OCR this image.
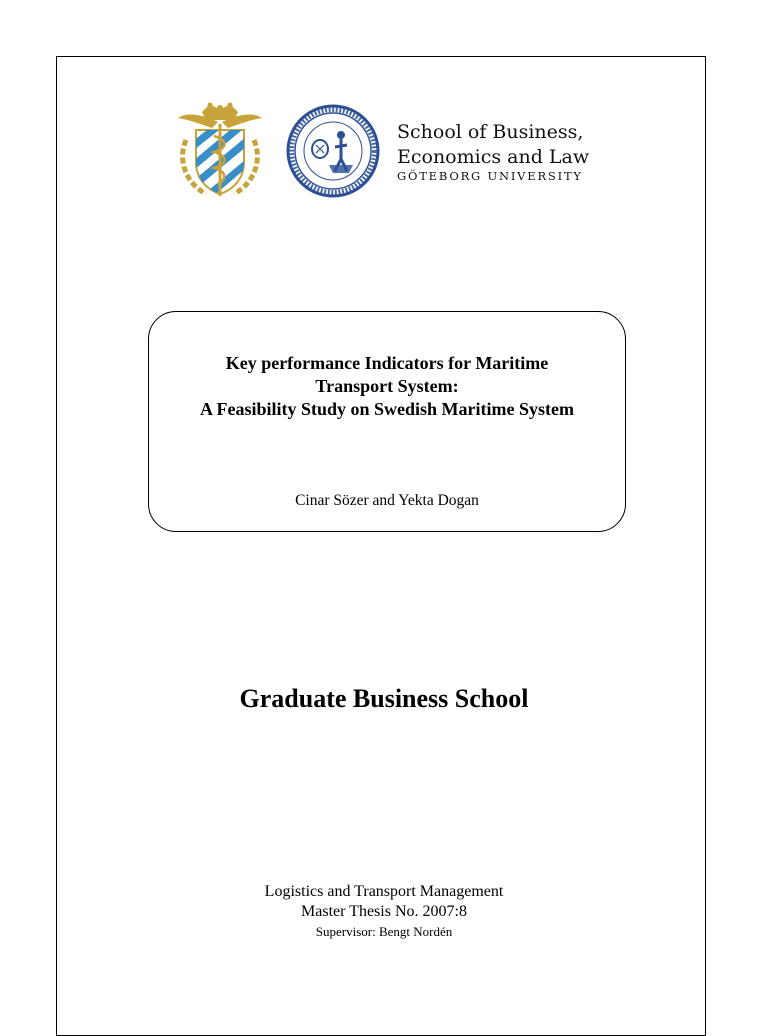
School of Business,
Economics and Law
GÖTEBORG UNIVERSITY
Key performance Indicators for Maritime
Transport System:
A Feasibility Study on Swedish Maritime System
Cinar Sözer and Yekta Dogan
Graduate Business School
Logistics and Transport Management
Master Thesis No. 2007:8
Supervisor: Bengt Nordén
